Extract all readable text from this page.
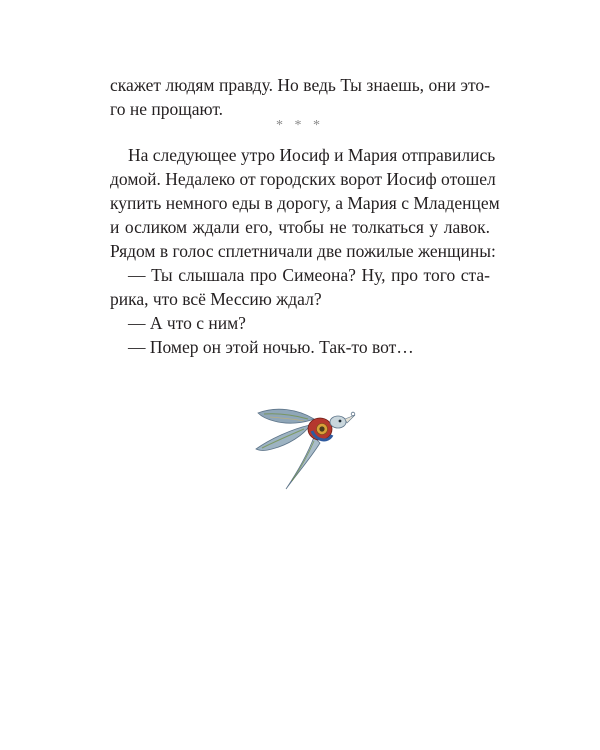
скажет людям правду. Но ведь Ты знаешь, они это-
го не прощают.
* * *
На следующее утро Иосиф и Мария отправились
домой. Недалеко от городских ворот Иосиф отошел
купить немного еды в дорогу, а Мария с Младенцем
и осликом ждали его, чтобы не толкаться у лавок.
Рядом в голос сплетничали две пожилые женщины:
— Ты слышала про Симеона? Ну, про того ста-
рика, что всё Мессию ждал?
— А что с ним?
— Помер он этой ночью. Так-то вот…
